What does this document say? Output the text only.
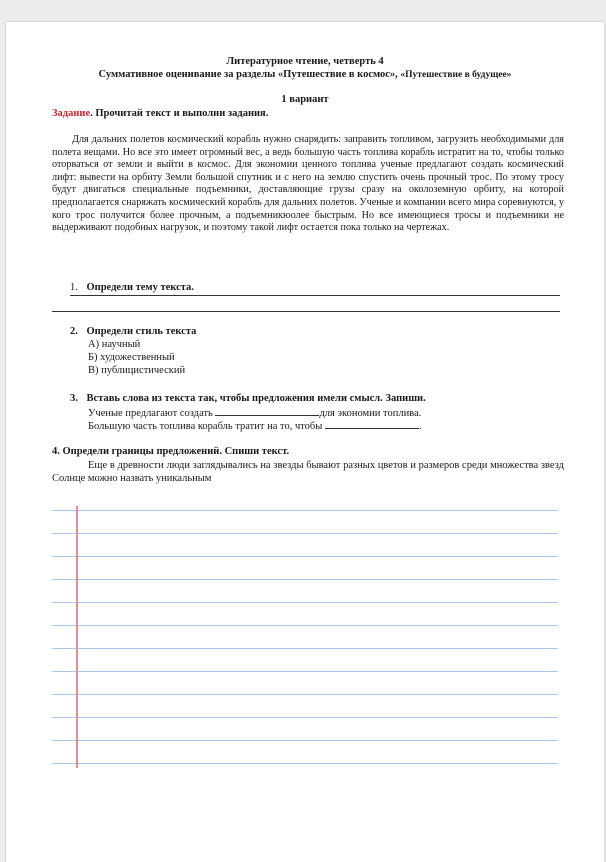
Литературное чтение, четверть 4
Суммативное оценивание за разделы «Путешествие в космос», «Путешествие в будущее»
1 вариант
Задание. Прочитай текст и выполни задания.
Для дальних полетов космический корабль нужно снарядить: заправить топливом, загрузить необходимыми для полета вещами. Но все это имеет огромный вес, а ведь большую часть топлива корабль истратит на то, чтобы только оторваться от земли и выйти в космос. Для экономии ценного топлива ученые предлагают создать космический лифт: вывести на орбиту Земли большой спутник и с него на землю спустить очень прочный трос. По этому тросу будут двигаться специальные подъемники, доставляющие грузы сразу на околоземную орбиту, на которой предполагается снаряжать космический корабль для дальних полетов. Ученые и компании всего мира соревнуются, у кого трос получится более прочным, а подъемникюолее быстрым. Но все имеющиеся тросы и подъемники не выдерживают подобных нагрузок, и поэтому такой лифт остается пока только на чертежах.
1. Определи тему текста.
2. Определи стиль текста
А) научный
Б) художественный
В) публицистический
3. Вставь слова из текста так, чтобы предложения имели смысл. Запиши.
Ученые предлагают создать	для экономии топлива.
Большую часть топлива корабль тратит на то, чтобы	.
4. Определи границы предложений. Спиши текст.
Еще в древности люди заглядывались на звезды бывают разных цветов и размеров среди множества звезд Солнце можно назвать уникальным
